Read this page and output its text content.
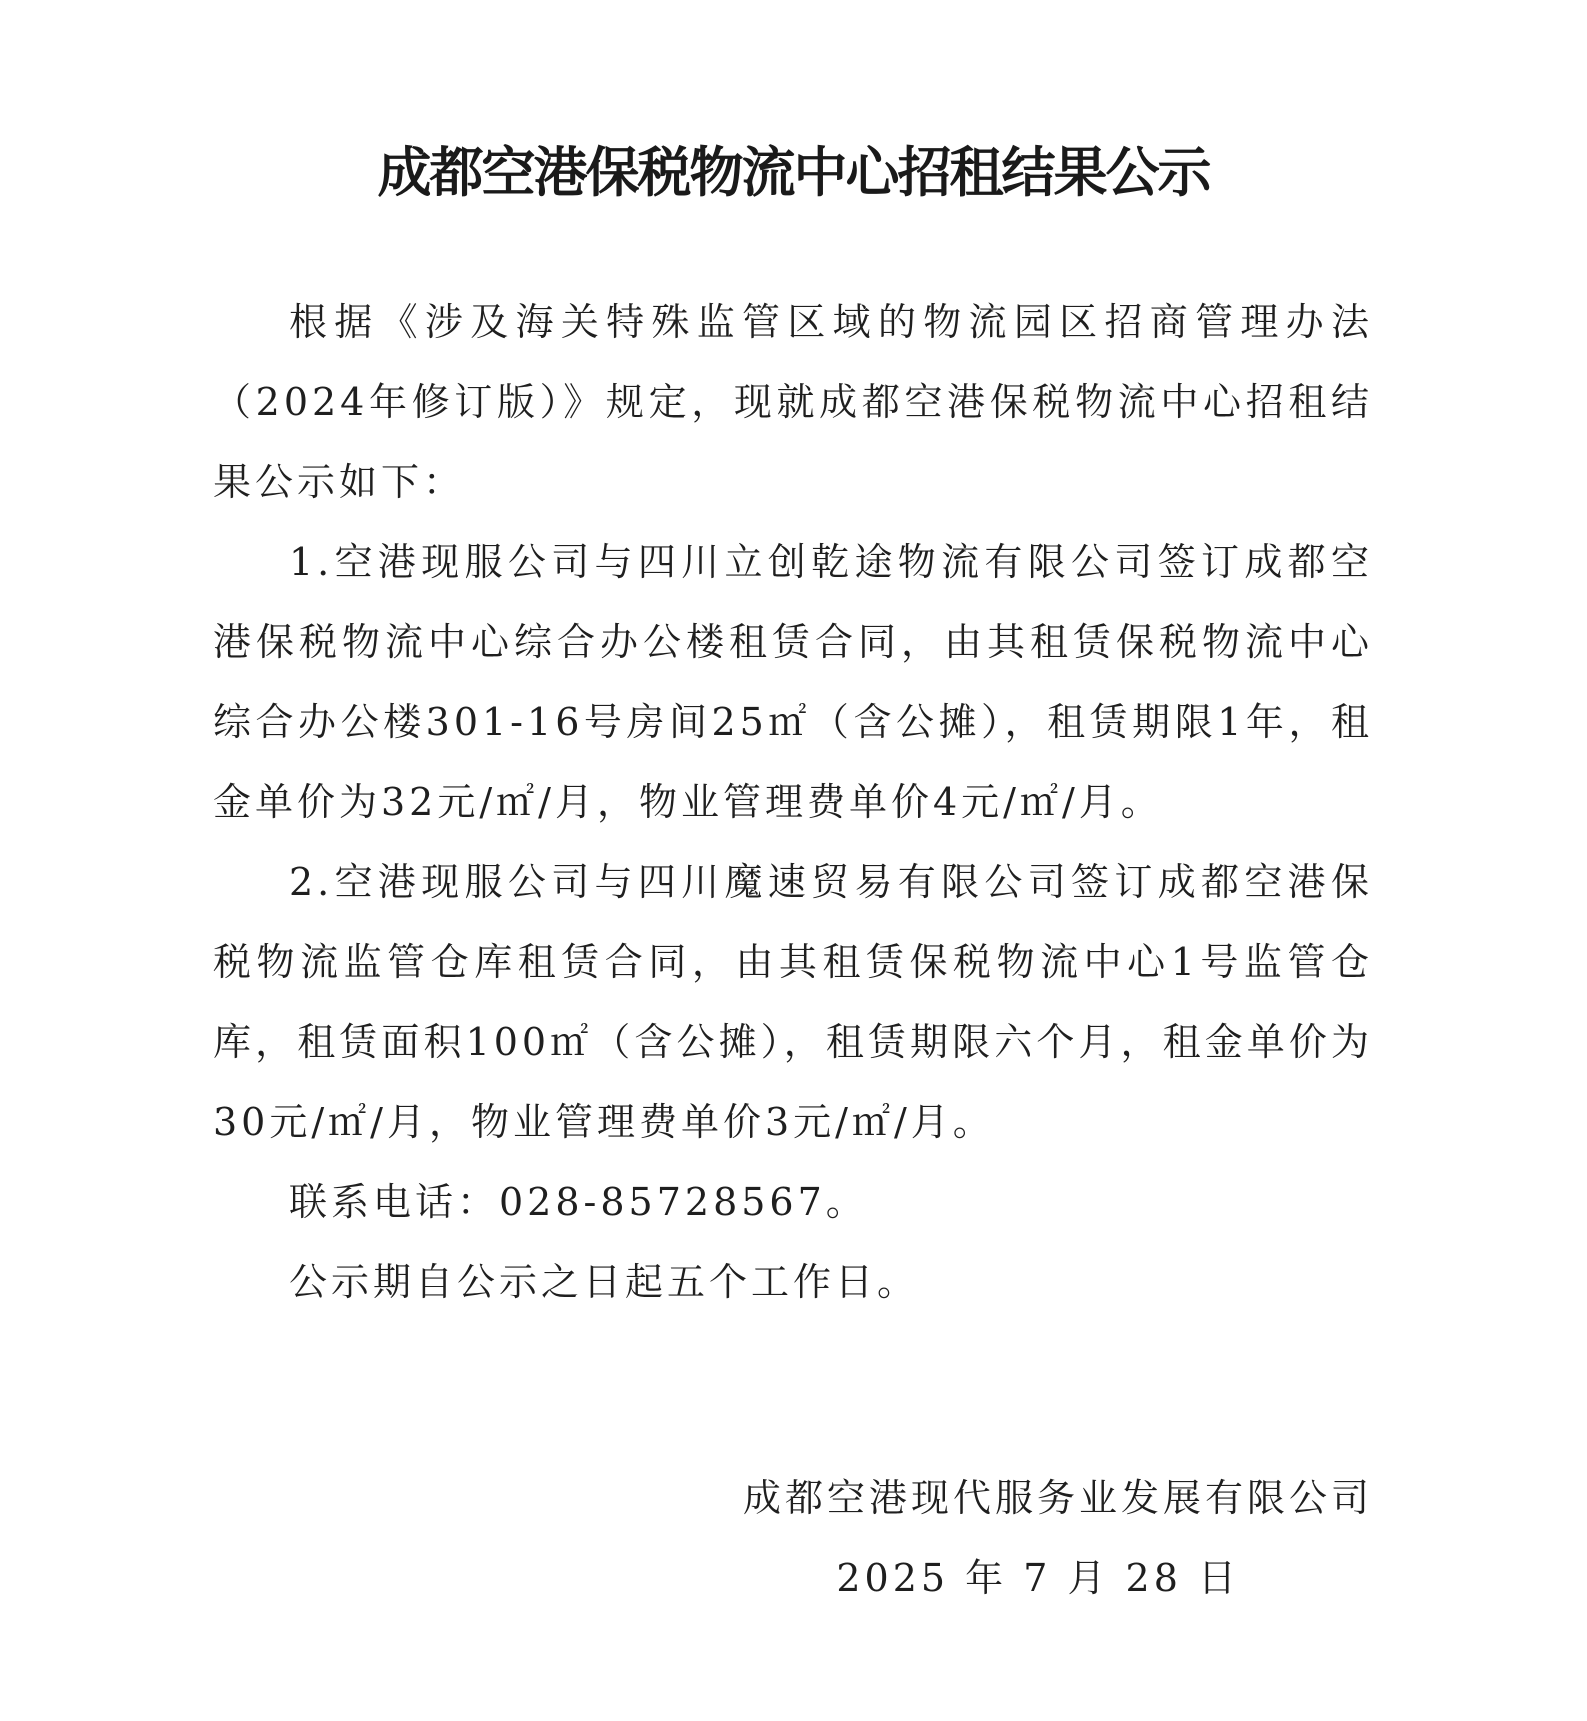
成都空港保税物流中心招租结果公示

根据《涉及海关特殊监管区域的物流园区招商管理办法（2024年修订版）》规定，现就成都空港保税物流中心招租结果公示如下：

1.空港现服公司与四川立创乾途物流有限公司签订成都空港保税物流中心综合办公楼租赁合同，由其租赁保税物流中心综合办公楼301-16号房间25㎡（含公摊），租赁期限1年，租金单价为32元/㎡/月，物业管理费单价4元/㎡/月。

2.空港现服公司与四川魔速贸易有限公司签订成都空港保税物流监管仓库租赁合同，由其租赁保税物流中心1号监管仓库，租赁面积100㎡（含公摊），租赁期限六个月，租金单价为30元/㎡/月，物业管理费单价3元/㎡/月。

联系电话：028-85728567。

公示期自公示之日起五个工作日。

成都空港现代服务业发展有限公司
2025 年 7 月 28 日
